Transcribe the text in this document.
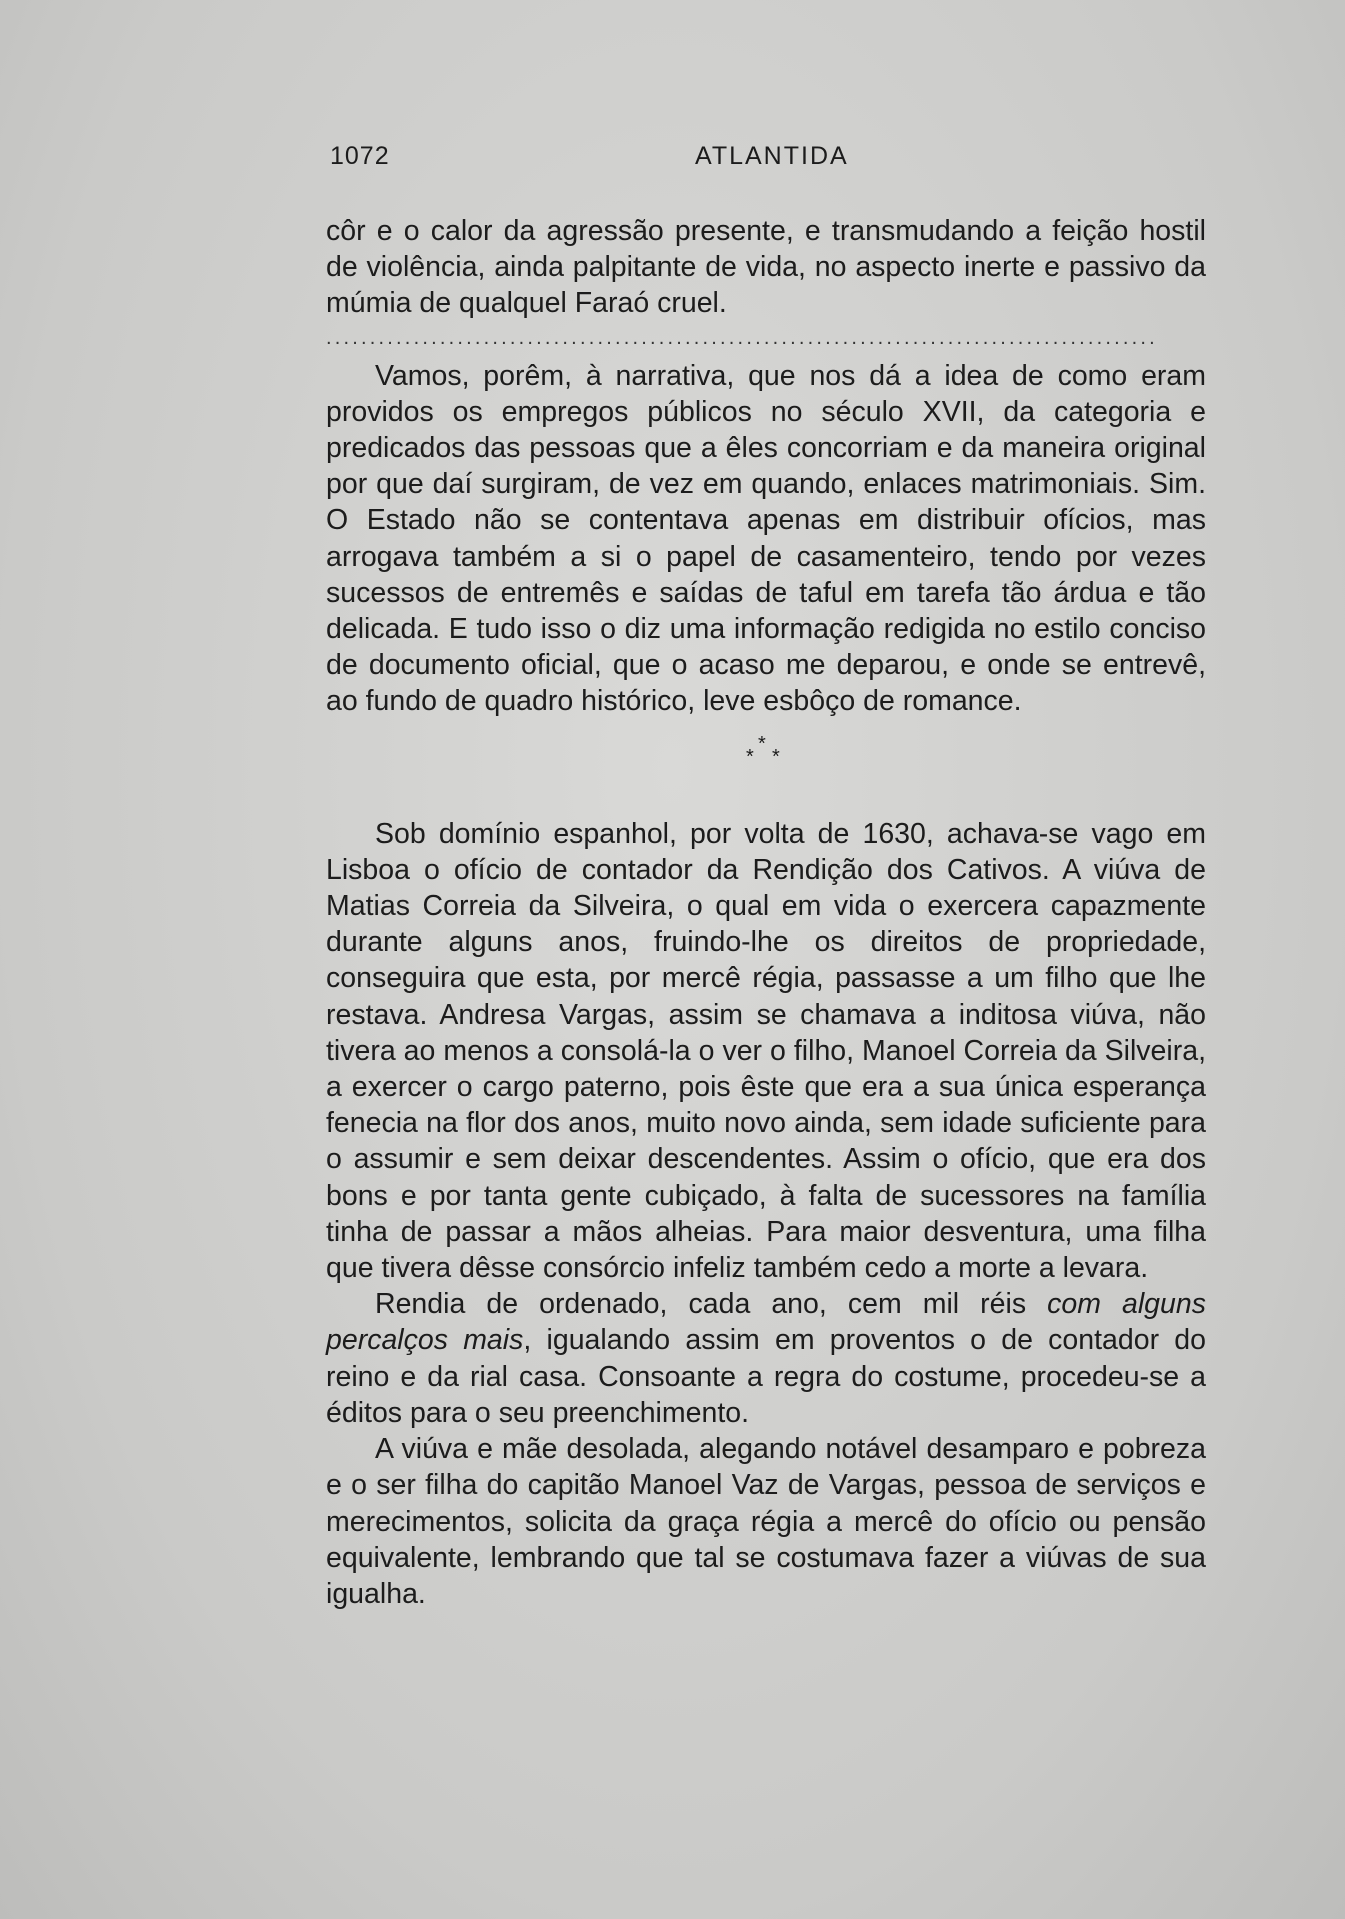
1072	ATLANTIDA

côr e o calor da agressão presente, e transmudando a feição hostil de violência, ainda palpitante de vida, no aspecto inerte e passivo da múmia de qualquel Faraó cruel.

...............................................................................................

Vamos, porêm, à narrativa, que nos dá a idea de como eram providos os empregos públicos no século XVII, da categoria e predicados das pessoas que a êles concorriam e da maneira original por que daí surgiram, de vez em quando, enlaces matrimoniais. Sim. O Estado não se contentava apenas em distribuir ofícios, mas arrogava também a si o papel de casamenteiro, tendo por vezes sucessos de entremês e saídas de taful em tarefa tão árdua e tão delicada. E tudo isso o diz uma informação redigida no estilo conciso de documento oficial, que o acaso me deparou, e onde se entrevê, ao fundo de quadro histórico, leve esbôço de romance.

*
* *

Sob domínio espanhol, por volta de 1630, achava-se vago em Lisboa o ofício de contador da Rendição dos Cativos. A viúva de Matias Correia da Silveira, o qual em vida o exercera capazmente durante alguns anos, fruindo-lhe os direitos de propriedade, conseguira que esta, por mercê régia, passasse a um filho que lhe restava. Andresa Vargas, assim se chamava a inditosa viúva, não tivera ao menos a consolá-la o ver o filho, Manoel Correia da Silveira, a exercer o cargo paterno, pois êste que era a sua única esperança fenecia na flor dos anos, muito novo ainda, sem idade suficiente para o assumir e sem deixar descendentes. Assim o ofício, que era dos bons e por tanta gente cubiçado, à falta de sucessores na família tinha de passar a mãos alheias. Para maior desventura, uma filha que tivera dêsse consórcio infeliz também cedo a morte a levara.

Rendia de ordenado, cada ano, cem mil réis com alguns percalços mais, igualando assim em proventos o de contador do reino e da rial casa. Consoante a regra do costume, procedeu-se a éditos para o seu preenchimento.

A viúva e mãe desolada, alegando notável desamparo e pobreza e o ser filha do capitão Manoel Vaz de Vargas, pessoa de serviços e merecimentos, solicita da graça régia a mercê do ofício ou pensão equivalente, lembrando que tal se costumava fazer a viúvas de sua igualha.
